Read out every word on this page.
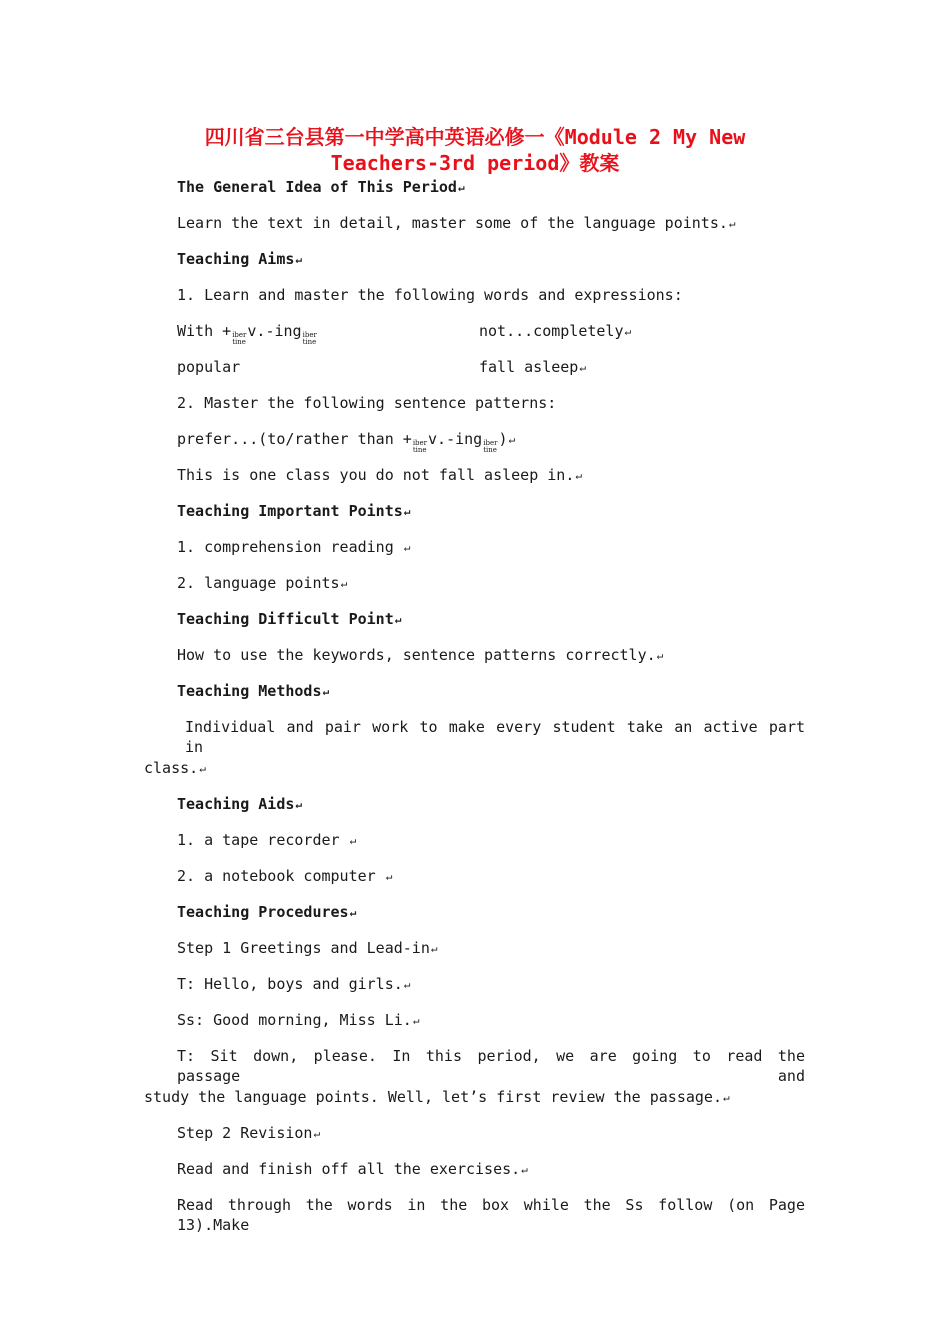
四川省三台县第一中学高中英语必修一《Module 2 My New
Teachers-3rd period》教案
The General Idea of This Period↵
Learn the text in detail, master some of the language points.↵
Teaching Aims↵
1. Learn and master the following words and expressions:
With + iber
tine
v.-ing iber
tine
not...completely↵
popular	fall asleep↵
2. Master the following sentence patterns:
prefer...(to/rather than + iber
tine
v.-ing iber
tine
)↵
This is one class you do not fall asleep in.↵
Teaching Important Points↵
1. comprehension reading ↵
2. language points↵
Teaching Difficult Point↵
How to use the keywords, sentence patterns correctly.↵
Teaching Methods↵
Individual and pair work to make every student take an active part in
class.↵
Teaching Aids↵
1. a tape recorder ↵
2. a notebook computer ↵
Teaching Procedures↵
Step 1 Greetings and Lead-in↵
T: Hello, boys and girls.↵
Ss: Good morning, Miss Li.↵
T: Sit down, please. In this period, we are going to read the passage and
study the language points. Well, let’s first review the passage.↵
Step 2 Revision↵
Read and finish off all the exercises.↵
Read through the words in the box while the Ss follow (on Page 13).Make
